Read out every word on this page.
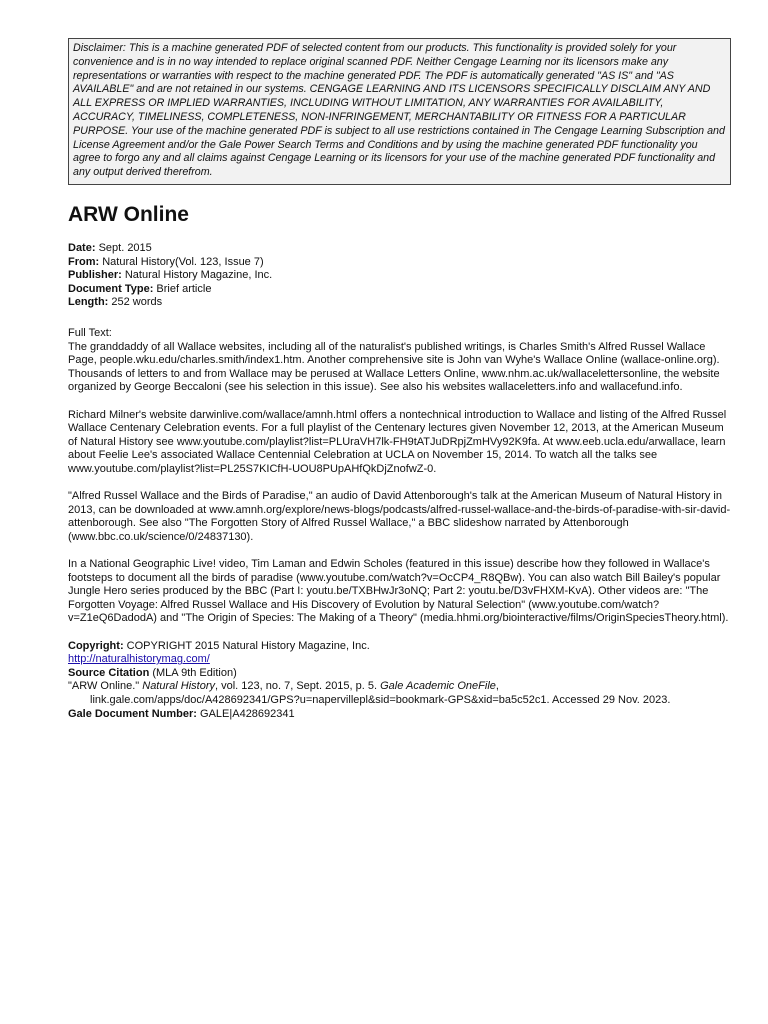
Disclaimer: This is a machine generated PDF of selected content from our products. This functionality is provided solely for your convenience and is in no way intended to replace original scanned PDF. Neither Cengage Learning nor its licensors make any representations or warranties with respect to the machine generated PDF. The PDF is automatically generated "AS IS" and "AS AVAILABLE" and are not retained in our systems. CENGAGE LEARNING AND ITS LICENSORS SPECIFICALLY DISCLAIM ANY AND ALL EXPRESS OR IMPLIED WARRANTIES, INCLUDING WITHOUT LIMITATION, ANY WARRANTIES FOR AVAILABILITY, ACCURACY, TIMELINESS, COMPLETENESS, NON-INFRINGEMENT, MERCHANTABILITY OR FITNESS FOR A PARTICULAR PURPOSE. Your use of the machine generated PDF is subject to all use restrictions contained in The Cengage Learning Subscription and License Agreement and/or the Gale Power Search Terms and Conditions and by using the machine generated PDF functionality you agree to forgo any and all claims against Cengage Learning or its licensors for your use of the machine generated PDF functionality and any output derived therefrom.
ARW Online
Date: Sept. 2015
From: Natural History(Vol. 123, Issue 7)
Publisher: Natural History Magazine, Inc.
Document Type: Brief article
Length: 252 words
Full Text:

The granddaddy of all Wallace websites, including all of the naturalist's published writings, is Charles Smith's Alfred Russel Wallace Page, people.wku.edu/charles.smith/index1.htm. Another comprehensive site is John van Wyhe's Wallace Online (wallace-online.org). Thousands of letters to and from Wallace may be perused at Wallace Letters Online, www.nhm.ac.uk/wallacelettersonline, the website organized by George Beccaloni (see his selection in this issue). See also his websites wallaceletters.info and wallacefund.info.

Richard Milner's website darwinlive.com/wallace/amnh.html offers a nontechnical introduction to Wallace and listing of the Alfred Russel Wallace Centenary Celebration events. For a full playlist of the Centenary lectures given November 12, 2013, at the American Museum of Natural History see www.youtube.com/playlist?list=PLUraVH7lk-FH9tATJuDRpjZmHVy92K9fa. At www.eeb.ucla.edu/arwallace, learn about Feelie Lee's associated Wallace Centennial Celebration at UCLA on November 15, 2014. To watch all the talks see www.youtube.com/playlist?list=PL25S7KICfH-UOU8PUpAHfQkDjZnofwZ-0.

"Alfred Russel Wallace and the Birds of Paradise," an audio of David Attenborough's talk at the American Museum of Natural History in 2013, can be downloaded at www.amnh.org/explore/news-blogs/podcasts/alfred-russel-wallace-and-the-birds-of-paradise-with-sir-david-attenborough. See also "The Forgotten Story of Alfred Russel Wallace," a BBC slideshow narrated by Attenborough (www.bbc.co.uk/science/0/24837130).

In a National Geographic Live! video, Tim Laman and Edwin Scholes (featured in this issue) describe how they followed in Wallace's footsteps to document all the birds of paradise (www.youtube.com/watch?v=OcCP4_R8QBw). You can also watch Bill Bailey's popular Jungle Hero series produced by the BBC (Part I: youtu.be/TXBHwJr3oNQ; Part 2: youtu.be/D3vFHXM-KvA). Other videos are: "The Forgotten Voyage: Alfred Russel Wallace and His Discovery of Evolution by Natural Selection" (www.youtube.com/watch?v=Z1eQ6DadodA) and "The Origin of Species: The Making of a Theory" (media.hhmi.org/biointeractive/films/OriginSpeciesTheory.html).

Copyright: COPYRIGHT 2015 Natural History Magazine, Inc.
http://naturalhistorymag.com/
Source Citation (MLA 9th Edition)
"ARW Online." Natural History, vol. 123, no. 7, Sept. 2015, p. 5. Gale Academic OneFile,
link.gale.com/apps/doc/A428692341/GPS?u=napervillepl&sid=bookmark-GPS&xid=ba5c52c1. Accessed 29 Nov. 2023.
Gale Document Number: GALE|A428692341
